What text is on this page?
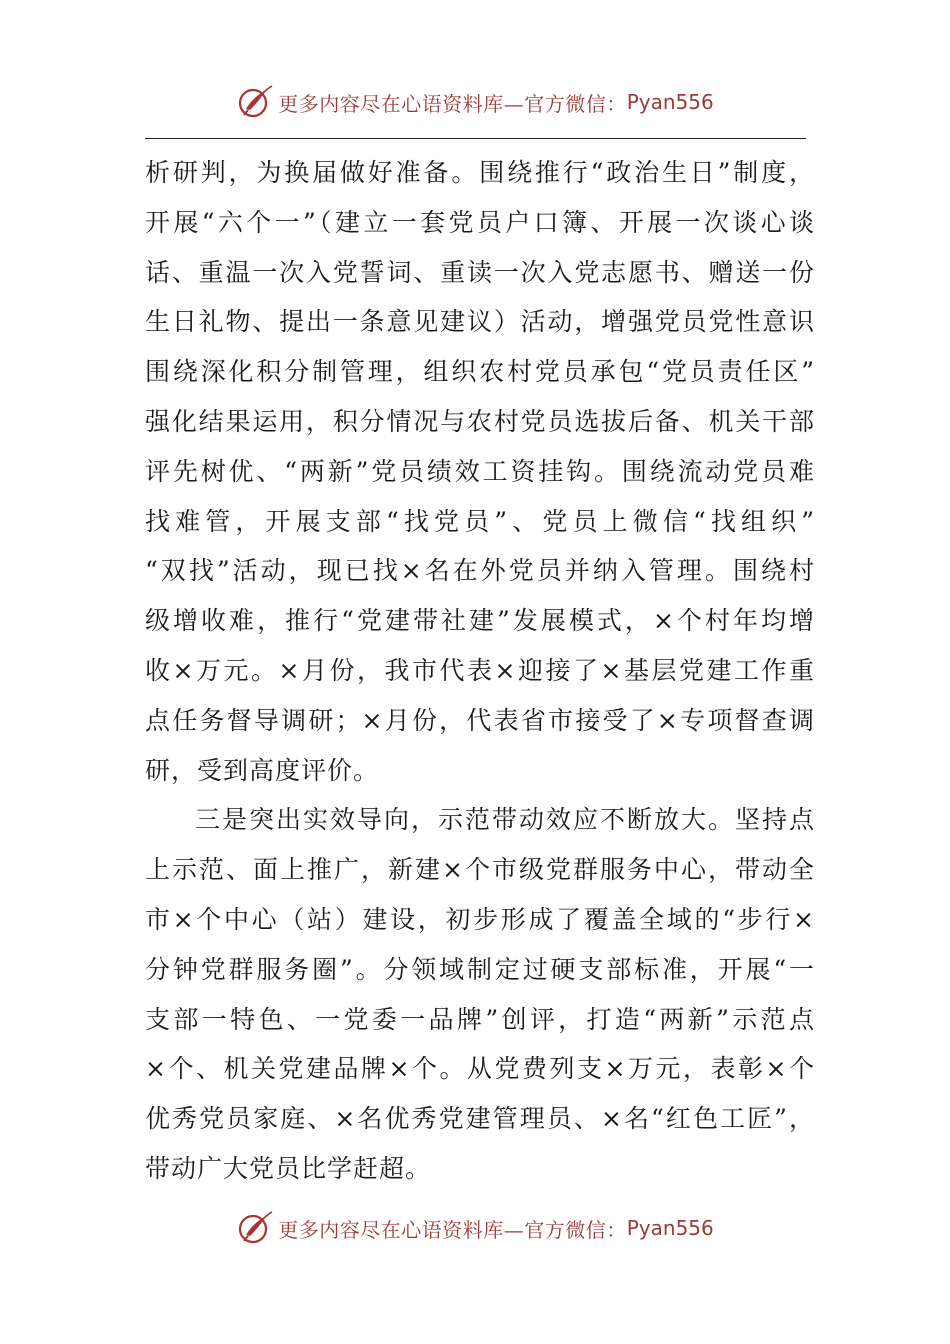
更多内容尽在心语资料库—官方微信： Pyan556
析研判，为换届做好准备。围绕推行“政治生日”制度，
开展“六个一”（建立一套党员户口簿、开展一次谈心谈
话、重温一次入党誓词、重读一次入党志愿书、赠送一份
生日礼物、提出一条意见建议）活动，增强党员党性意识
围绕深化积分制管理，组织农村党员承包“党员责任区”
强化结果运用，积分情况与农村党员选拔后备、机关干部
评先树优、“两新”党员绩效工资挂钩。围绕流动党员难
找难管，开展支部“找党员”、党员上微信“找组织”
“双找”活动，现已找×名在外党员并纳入管理。围绕村
级增收难，推行“党建带社建”发展模式，×个村年均增
收×万元。×月份，我市代表×迎接了×基层党建工作重
点任务督导调研；×月份，代表省市接受了×专项督查调
研，受到高度评价。
三是突出实效导向，示范带动效应不断放大。坚持点
上示范、面上推广，新建×个市级党群服务中心，带动全
市×个中心（站）建设，初步形成了覆盖全域的“步行×
分钟党群服务圈”。分领域制定过硬支部标准，开展“一
支部一特色、一党委一品牌”创评，打造“两新”示范点
×个、机关党建品牌×个。从党费列支×万元，表彰×个
优秀党员家庭、×名优秀党建管理员、×名“红色工匠”，
带动广大党员比学赶超。
更多内容尽在心语资料库—官方微信： Pyan556
